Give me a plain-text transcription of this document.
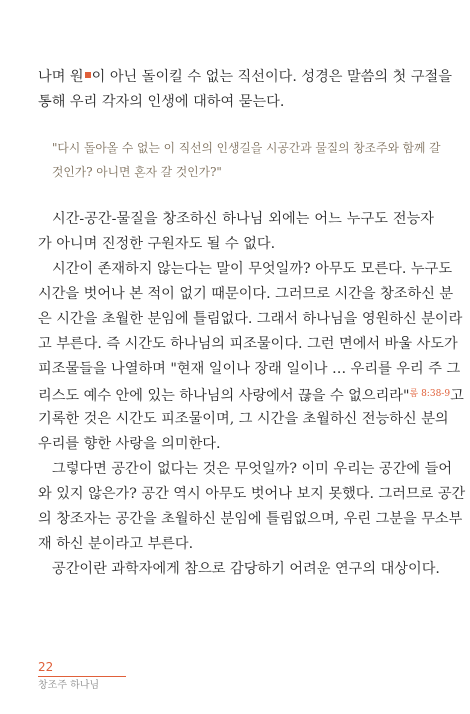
나며 원 이 아닌 돌이킬 수 없는 직선이다. 성경은 말씀의 첫 구절을
통해 우리 각자의 인생에 대하여 묻는다.
"다시 돌아올 수 없는 이 직선의 인생길을 시공간과 물질의 창조주와 함께 갈
것인가? 아니면 혼자 갈 것인가?"
시간-공간-물질을 창조하신 하나님 외에는 어느 누구도 전능자
가 아니며 진정한 구원자도 될 수 없다.
시간이 존재하지 않는다는 말이 무엇일까? 아무도 모른다. 누구도
시간을 벗어나 본 적이 없기 때문이다. 그러므로 시간을 창조하신 분
은 시간을 초월한 분임에 틀림없다. 그래서 하나님을 영원하신 분이라
고 부른다. 즉 시간도 하나님의 피조물이다. 그런 면에서 바울 사도가
피조물들을 나열하며 "현재 일이나 장래 일이나 … 우리를 우리 주 그
리스도 예수 안에 있는 하나님의 사랑에서 끊을 수 없으리라"$^{롬 8:38-9}$고
기록한 것은 시간도 피조물이며, 그 시간을 초월하신 전능하신 분의
우리를 향한 사랑을 의미한다.
그렇다면 공간이 없다는 것은 무엇일까? 이미 우리는 공간에 들어
와 있지 않은가? 공간 역시 아무도 벗어나 보지 못했다. 그러므로 공간
의 창조자는 공간을 초월하신 분임에 틀림없으며, 우린 그분을 무소부
재 하신 분이라고 부른다.
공간이란 과학자에게 참으로 감당하기 어려운 연구의 대상이다.
22
창조주 하나님
